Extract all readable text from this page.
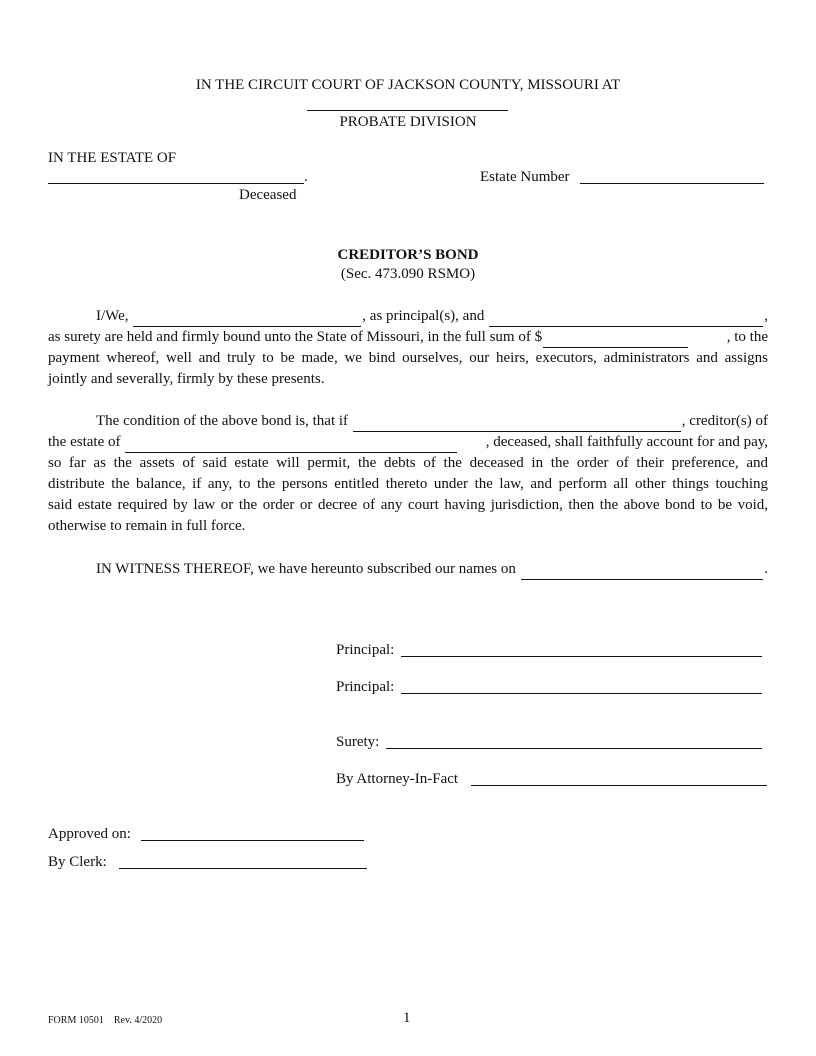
IN THE CIRCUIT COURT OF JACKSON COUNTY, MISSOURI AT
PROBATE DIVISION
IN THE ESTATE OF
.
Deceased
Estate Number
CREDITOR’S BOND
(Sec. 473.090 RSMO)
I/We,
	, as principal(s), and
	,
as surety are held and firmly bound unto the State of Missouri, in the full sum of $	, to the
payment whereof, well and truly to be made, we bind ourselves, our heirs, executors, administrators and assigns
jointly and severally, firmly by these presents.
The condition of the above bond is, that if
	, creditor(s) of
the estate of
	, deceased, shall faithfully account for and pay,
so far as the assets of said estate will permit, the debts of the deceased in the order of their preference, and
distribute the balance, if any, to the persons entitled thereto under the law, and perform all other things touching
said estate required by law or the order or decree of any court having jurisdiction, then the above bond to be void,
otherwise to remain in full force.
IN WITNESS THEREOF, we have hereunto subscribed our names on
	.
Principal:
Principal:
Surety:
By Attorney-In-Fact
Approved on:
By Clerk:
FORM 10501 Rev. 4/2020	1
